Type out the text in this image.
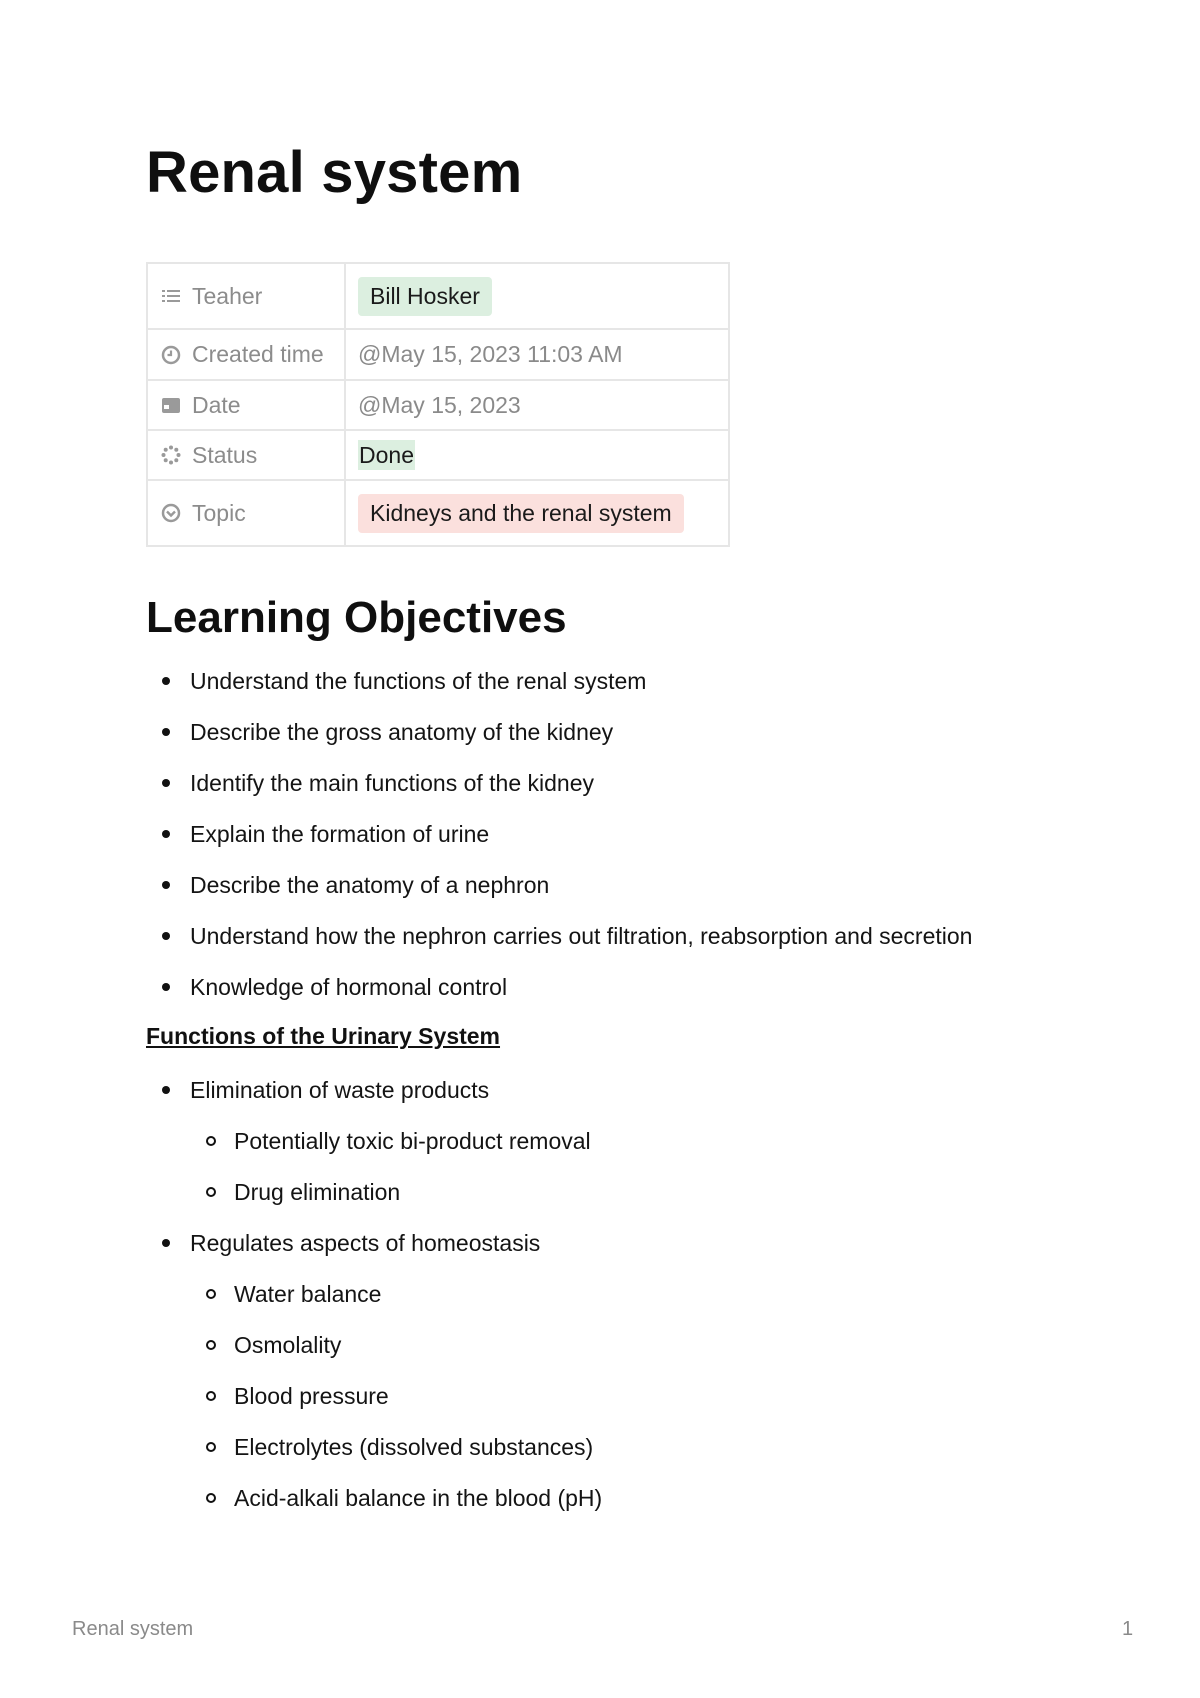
Renal system
Teaher	Bill Hosker

Created time	@May 15, 2023 11:03 AM

Date	@May 15, 2023

Status	Done

Topic	Kidneys and the renal system
Learning Objectives
Understand the functions of the renal system
Describe the gross anatomy of the kidney
Identify the main functions of the kidney
Explain the formation of urine
Describe the anatomy of a nephron
Understand how the nephron carries out filtration, reabsorption and secretion
Knowledge of hormonal control
Functions of the Urinary System
Elimination of waste products
Potentially toxic bi-product removal
Drug elimination
Regulates aspects of homeostasis
Water balance
Osmolality
Blood pressure
Electrolytes (dissolved substances)
Acid-alkali balance in the blood (pH)
Renal system	1
